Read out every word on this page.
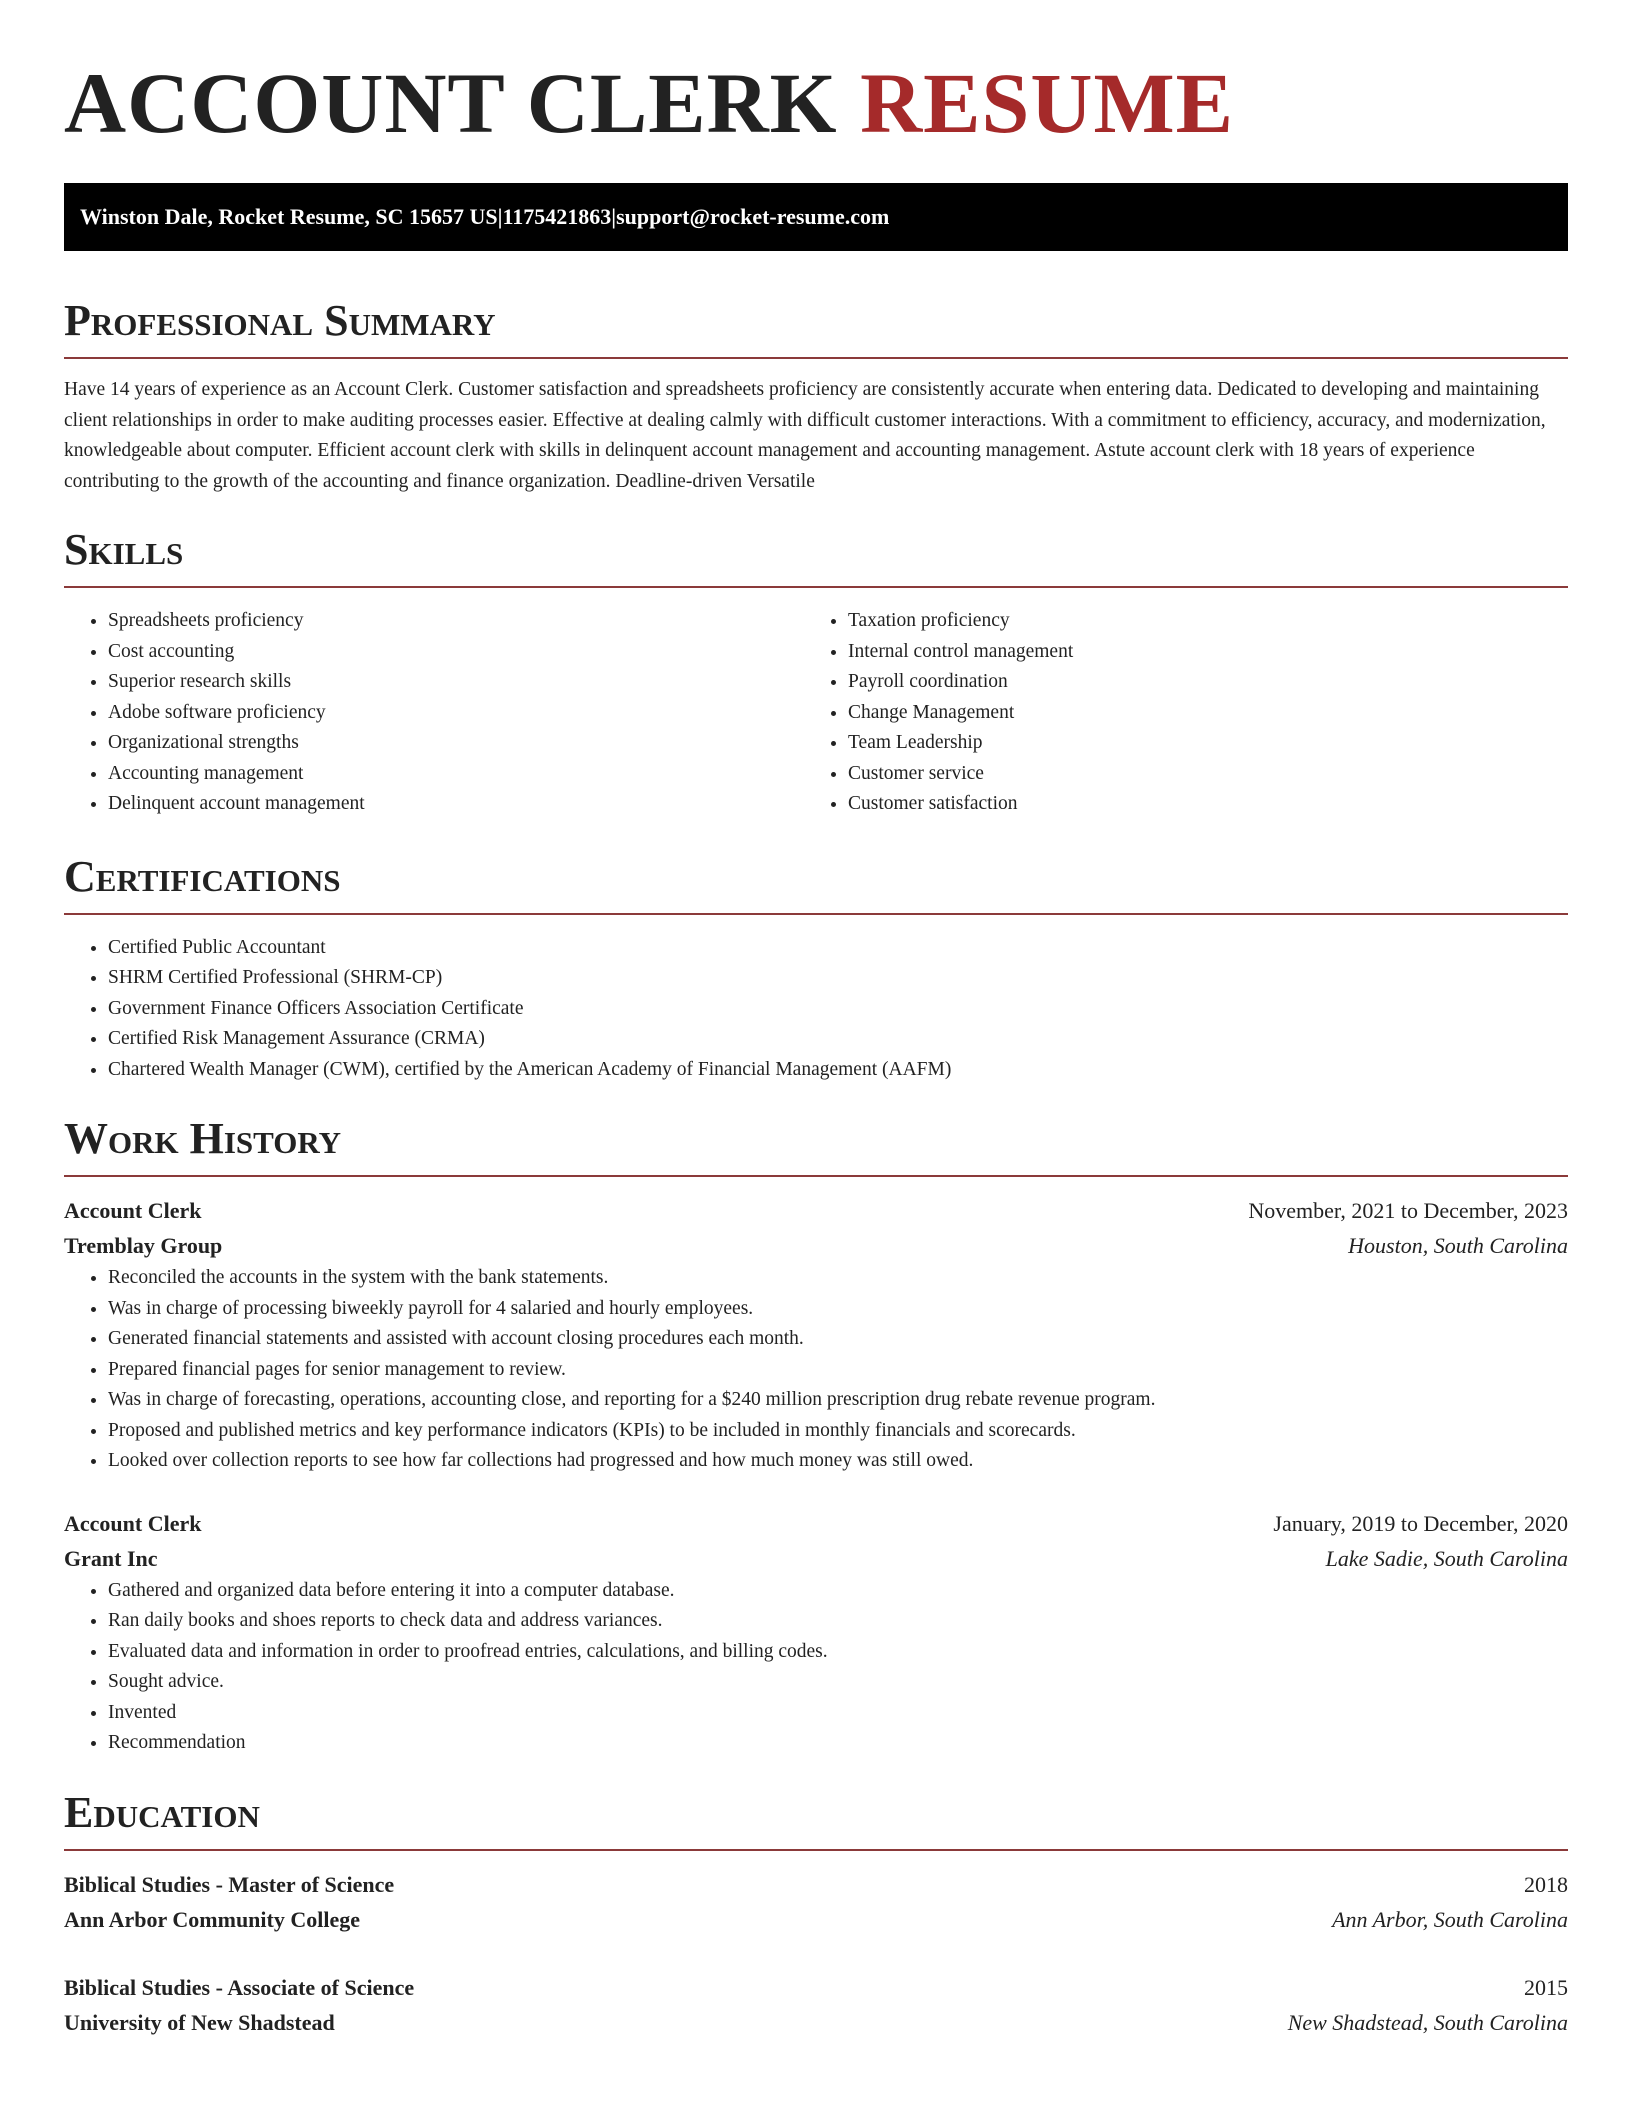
ACCOUNT CLERK RESUME
Winston Dale, Rocket Resume, SC 15657 US | 1175421863 | support@rocket-resume.com
Professional Summary

Have 14 years of experience as an Account Clerk. Customer satisfaction and spreadsheets proficiency are consistently accurate when entering data. Dedicated to developing and maintaining client relationships in order to make auditing processes easier. Effective at dealing calmly with difficult customer interactions. With a commitment to efficiency, accuracy, and modernization, knowledgeable about computer. Efficient account clerk with skills in delinquent account management and accounting management. Astute account clerk with 18 years of experience contributing to the growth of the accounting and finance organization. Deadline-driven Versatile

Skills
• Spreadsheets proficiency
• Cost accounting
• Superior research skills
• Adobe software proficiency
• Organizational strengths
• Accounting management
• Delinquent account management
• Taxation proficiency
• Internal control management
• Payroll coordination
• Change Management
• Team Leadership
• Customer service
• Customer satisfaction
Certifications
• Certified Public Accountant
• SHRM Certified Professional (SHRM-CP)
• Government Finance Officers Association Certificate
• Certified Risk Management Assurance (CRMA)
• Chartered Wealth Manager (CWM), certified by the American Academy of Financial Management (AAFM)
Work History
Account Clerk	November, 2021 to December, 2023
Tremblay Group	Houston, South Carolina
• Reconciled the accounts in the system with the bank statements.
• Was in charge of processing biweekly payroll for 4 salaried and hourly employees.
• Generated financial statements and assisted with account closing procedures each month.
• Prepared financial pages for senior management to review.
• Was in charge of forecasting, operations, accounting close, and reporting for a $240 million prescription drug rebate revenue program.
• Proposed and published metrics and key performance indicators (KPIs) to be included in monthly financials and scorecards.
• Looked over collection reports to see how far collections had progressed and how much money was still owed.
Account Clerk	January, 2019 to December, 2020
Grant Inc	Lake Sadie, South Carolina
• Gathered and organized data before entering it into a computer database.
• Ran daily books and shoes reports to check data and address variances.
• Evaluated data and information in order to proofread entries, calculations, and billing codes.
• Sought advice.
• Invented
• Recommendation
Education
Biblical Studies - Master of Science	2018
Ann Arbor Community College	Ann Arbor, South Carolina
Biblical Studies - Associate of Science	2015
University of New Shadstead	New Shadstead, South Carolina
